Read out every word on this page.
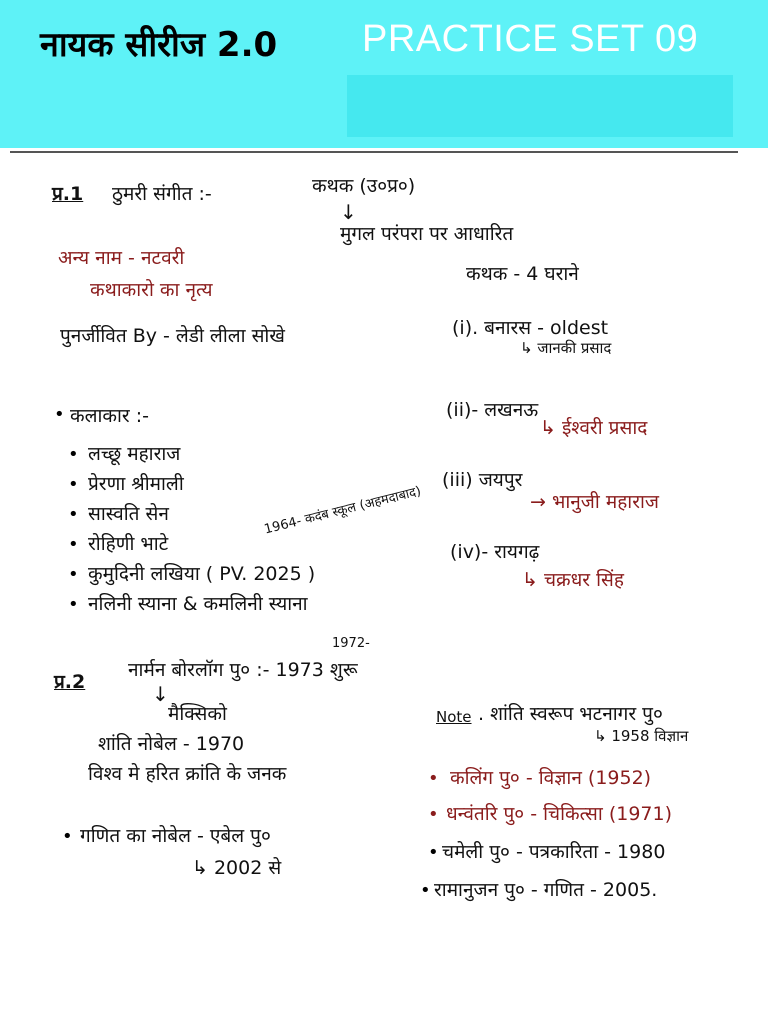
नायक सीरीज 2.0 PRACTICE SET 09
प्र.1 ठुमरी संगीत :-	कथक (उ०प्र०)
↓
मुगल परंपरा पर आधारित
अन्य नाम - नटवरी
कथाकारो का नृत्य
कथक - 4 घराने
पुनर्जीवित By - लेडी लीला सोखे	(i). बनारस - oldest
↳ जानकी प्रसाद
(ii)- लखनऊ
↳ ईश्वरी प्रसाद
(iii) जयपुर
→ भानुजी महाराज
(iv)- रायगढ़
↳ चक्रधर सिंह
• कलाकार :-
• लच्छू महाराज
• प्रेरणा श्रीमाली
• सास्वति सेन
• रोहिणी भाटे
• कुमुदिनी लखिया ( PV. 2025 )
• नलिनी स्याना & कमलिनी स्याना
1964- कदंब स्कूल (अहमदाबाद)
1972-
प्र.2
नार्मन बोरलॉग पु० :- 1973 शुरू
↓
मैक्सिको
शांति नोबेल - 1970
विश्व मे हरित क्रांति के जनक
Note . शांति स्वरूप भटनागर पु०
↳ 1958 विज्ञान
• कलिंग पु० - विज्ञान (1952)
• धन्वंतरि पु० - चिकित्सा (1971)
• चमेली पु० - पत्रकारिता - 1980
• रामानुजन पु० - गणित - 2005.
• गणित का नोबेल - एबेल पु०
↳ 2002 से
